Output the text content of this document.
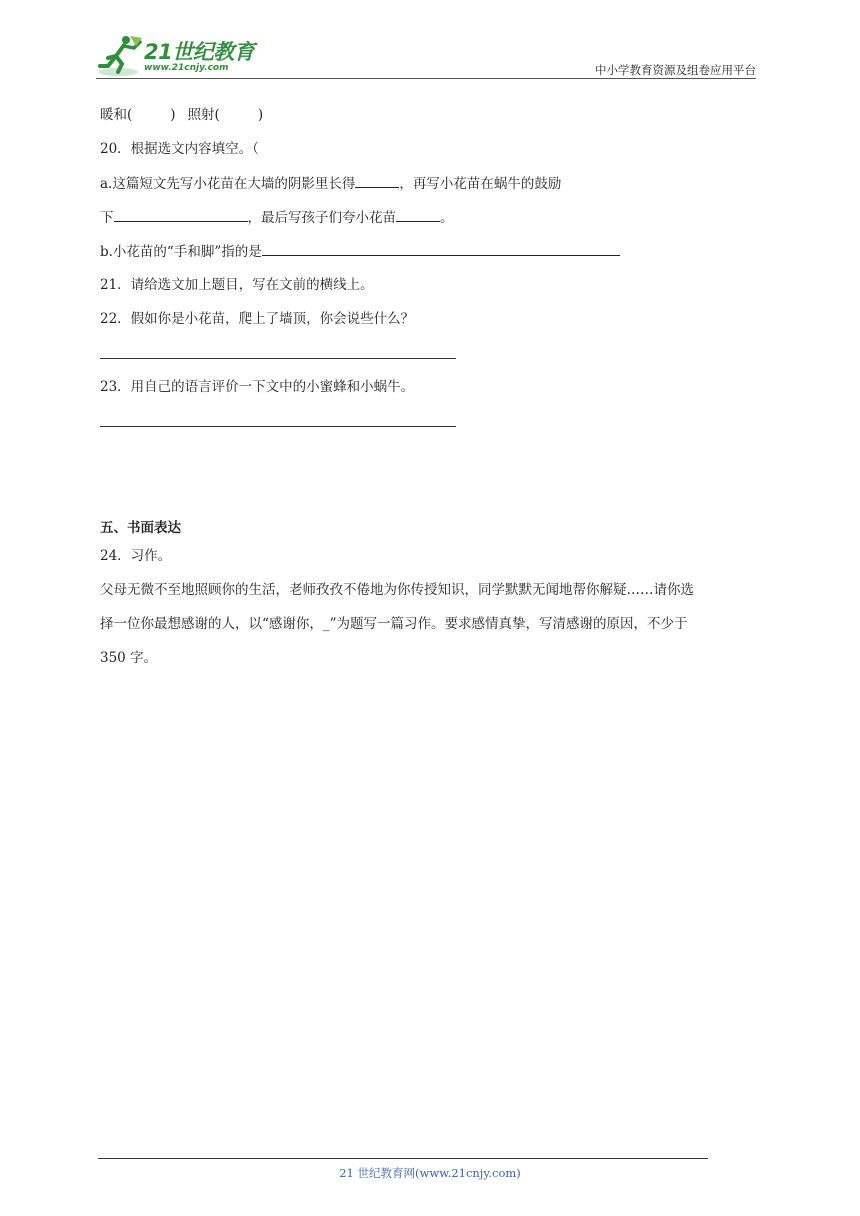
21世纪教育
www.21cnjy.com	中小学教育资源及组卷应用平台
暖和(	) 照射(	)
20．根据选文内容填空。（
a.这篇短文先写小花苗在大墙的阴影里长得	，再写小花苗在蜗牛的鼓励
下	，最后写孩子们夸小花苗	。
b.小花苗的“手和脚”指的是
21．请给选文加上题目，写在文前的横线上。
22．假如你是小花苗，爬上了墙顶，你会说些什么？
23．用自己的语言评价一下文中的小蜜蜂和小蜗牛。
五、书面表达
24．习作。
父母无微不至地照顾你的生活，老师孜孜不倦地为你传授知识，同学默默无闻地帮你解疑……请你选
择一位你最想感谢的人，以“感谢你，_”为题写一篇习作。要求感情真挚，写清感谢的原因，不少于
350 字。
21 世纪教育网(www.21cnjy.com)
